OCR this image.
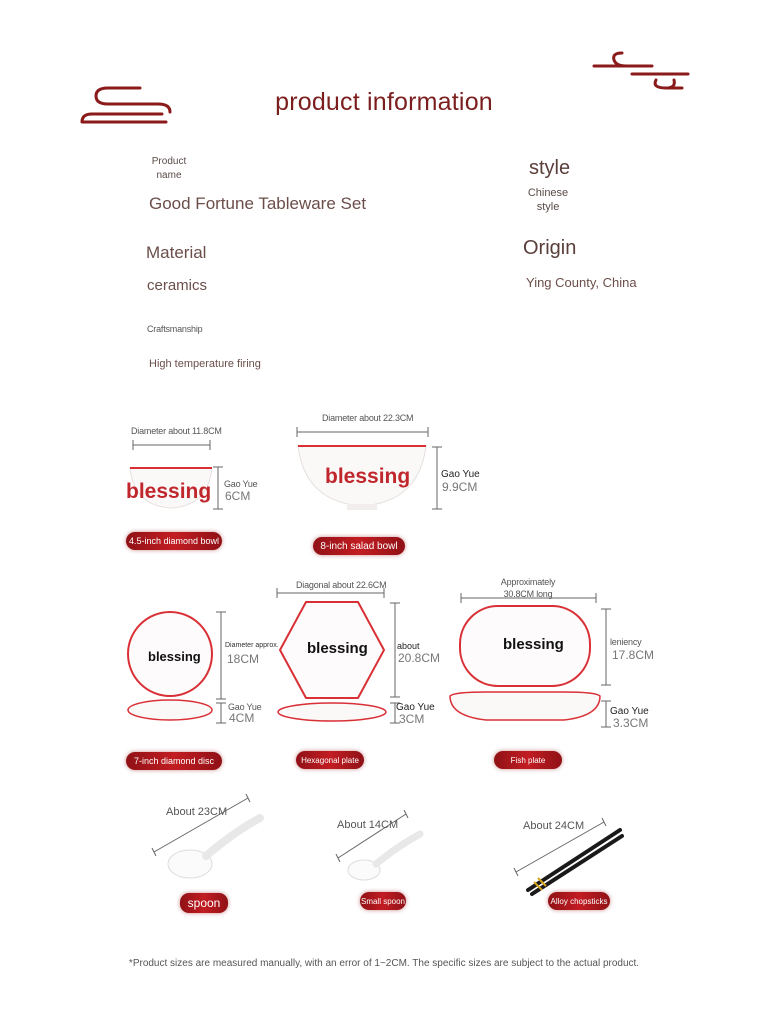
product information
Product name
Good Fortune Tableware Set
style
Chinese style
Material
ceramics
Origin
Ying County, China
Craftsmanship
High temperature firing
Diameter about 11.8CM
blessing Gao Yue
6CM
4.5-inch diamond bowl
Diameter about 22.3CM
blessing	Gao Yue
9.9CM
8-inch salad bowl
blessing
Diameter approx.
18CM
Gao Yue
4CM
7-inch diamond disc
Diagonal about 22.6CM
blessing	about
20.8CM
Gao Yue
3CM
Hexagonal plate
Approximately 30.8CM long
blessing	leniency
17.8CM
Gao Yue
3.3CM
Fish plate
About 23CM
spoon
About 14CM
Small spoon
About 24CM
Alloy chopsticks
*Product sizes are measured manually, with an error of 1~2CM. The specific sizes are subject to the actual product.
